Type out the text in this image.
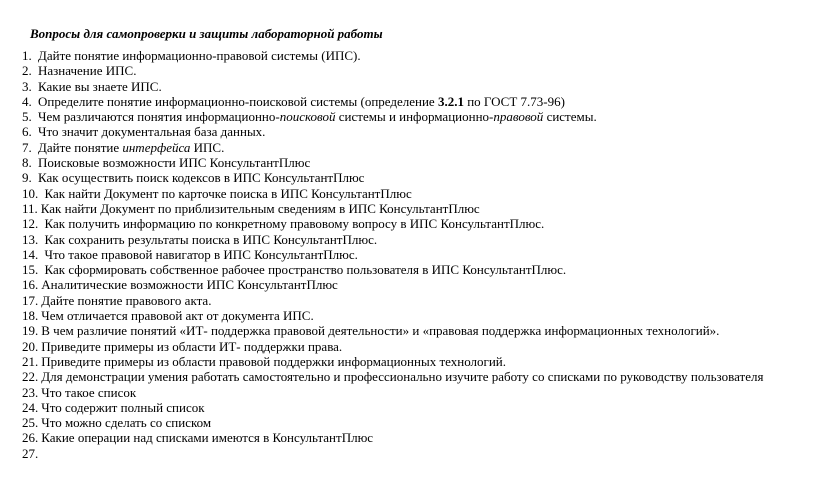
Вопросы для самопроверки и защиты лабораторной работы
1. Дайте понятие информационно-правовой системы (ИПС).
2. Назначение ИПС.
3. Какие вы знаете ИПС.
4. Определите понятие информационно-поисковой системы (определение 3.2.1 по ГОСТ 7.73-96)
5. Чем различаются понятия информационно-поисковой системы и информационно-правовой системы.
6. Что значит документальная база данных.
7. Дайте понятие интерфейса ИПС.
8. Поисковые возможности ИПС КонсультантПлюс
9. Как осуществить поиск кодексов в ИПС КонсультантПлюс
10. Как найти Документ по карточке поиска в ИПС КонсультантПлюс
11. Как найти Документ по приблизительным сведениям в ИПС КонсультантПлюс
12. Как получить информацию по конкретному правовому вопросу в ИПС КонсультантПлюс.
13. Как сохранить результаты поиска в ИПС КонсультантПлюс.
14. Что такое правовой навигатор в ИПС КонсультантПлюс.
15. Как сформировать собственное рабочее пространство пользователя в ИПС КонсультантПлюс.
16. Аналитические возможности ИПС КонсультантПлюс
17. Дайте понятие правового акта.
18. Чем отличается правовой акт от документа ИПС.
19. В чем различие понятий «ИТ- поддержка правовой деятельности» и «правовая поддержка информационных технологий».
20. Приведите примеры из области ИТ- поддержки права.
21. Приведите примеры из области правовой поддержки информационных технологий.
22. Для демонстрации умения работать самостоятельно и профессионально изучите работу со списками по руководству пользователя
23. Что такое список
24. Что содержит полный список
25. Что можно сделать со списком
26. Какие операции над списками имеются в КонсультантПлюс
27.
